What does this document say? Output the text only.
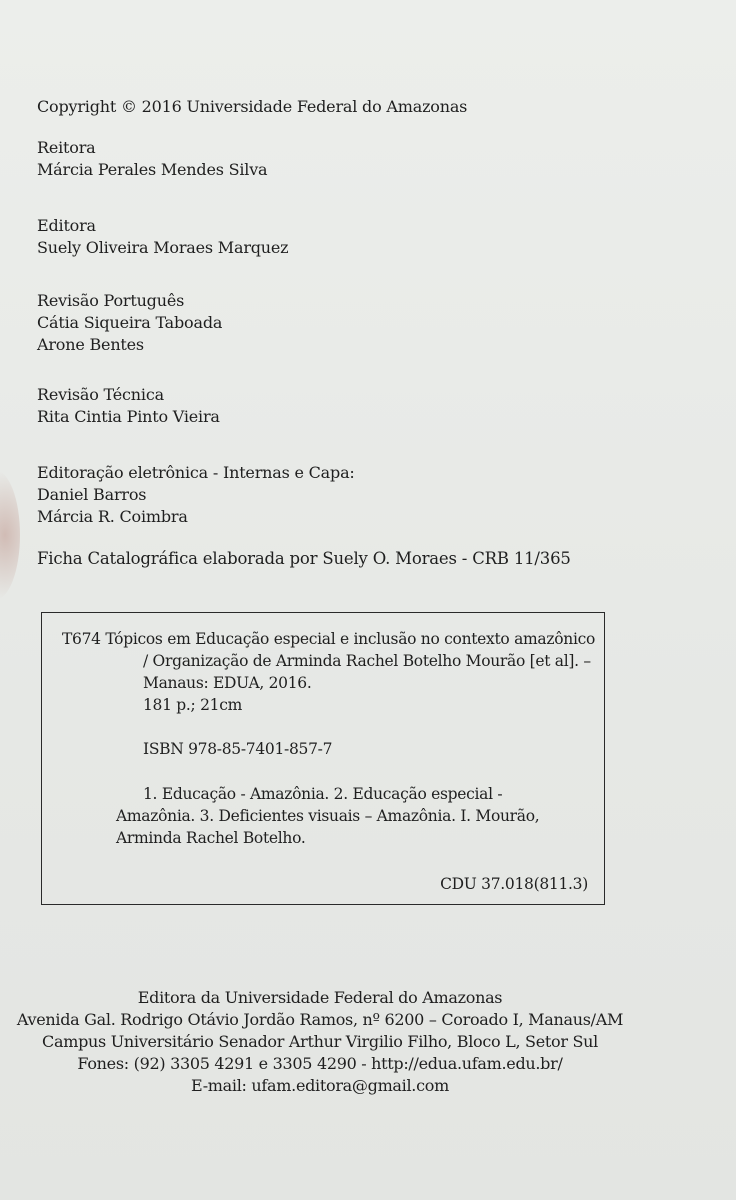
Copyright © 2016 Universidade Federal do Amazonas
Reitora
Márcia Perales Mendes Silva
Editora
Suely Oliveira Moraes Marquez
Revisão Português
Cátia Siqueira Taboada
Arone Bentes
Revisão Técnica
Rita Cintia Pinto Vieira
Editoração eletrônica - Internas e Capa:
Daniel Barros
Márcia R. Coimbra
Ficha Catalográfica elaborada por Suely O. Moraes - CRB 11/365
T674 Tópicos em Educação especial e inclusão no contexto amazônico
/ Organização de Arminda Rachel Botelho Mourão [et al]. –
Manaus: EDUA, 2016.
181 p.; 21cm
ISBN 978-85-7401-857-7
1. Educação - Amazônia. 2. Educação especial -
Amazônia. 3. Deficientes visuais – Amazônia. I. Mourão,
Arminda Rachel Botelho.
CDU 37.018(811.3)
Editora da Universidade Federal do Amazonas
Avenida Gal. Rodrigo Otávio Jordão Ramos, nº 6200 – Coroado I, Manaus/AM
Campus Universitário Senador Arthur Virgilio Filho, Bloco L, Setor Sul
Fones: (92) 3305 4291 e 3305 4290 - http://edua.ufam.edu.br/
E-mail: ufam.editora@gmail.com
